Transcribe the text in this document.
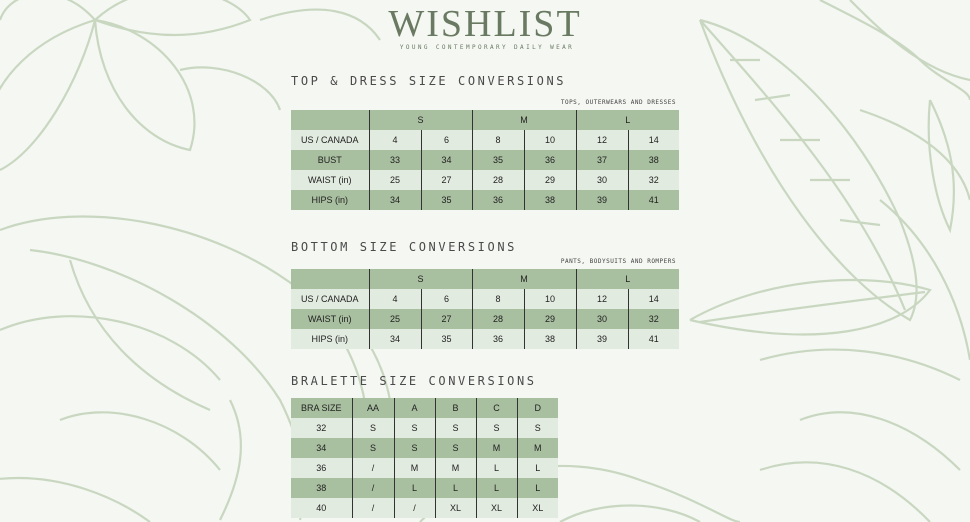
WISHLIST
YOUNG CONTEMPORARY DAILY WEAR
TOP & DRESS SIZE CONVERSIONS
TOPS, OUTERWEARS AND DRESSES
	S		M		L	
US / CANADA	4	6	8	10	12	14
BUST	33	34	35	36	37	38
WAIST (in)	25	27	28	29	30	32
HIPS (in)	34	35	36	38	39	41
BOTTOM SIZE CONVERSIONS
PANTS, BODYSUITS AND ROMPERS
	S		M		L	
US / CANADA	4	6	8	10	12	14
WAIST (in)	25	27	28	29	30	32
HIPS (in)	34	35	36	38	39	41
BRALETTE SIZE CONVERSIONS
BRA SIZE	AA	A	B	C	D
32	S	S	S	S	S
34	S	S	S	M	M
36	/	M	M	L	L
38	/	L	L	L	L
40	/	/	XL	XL	XL
